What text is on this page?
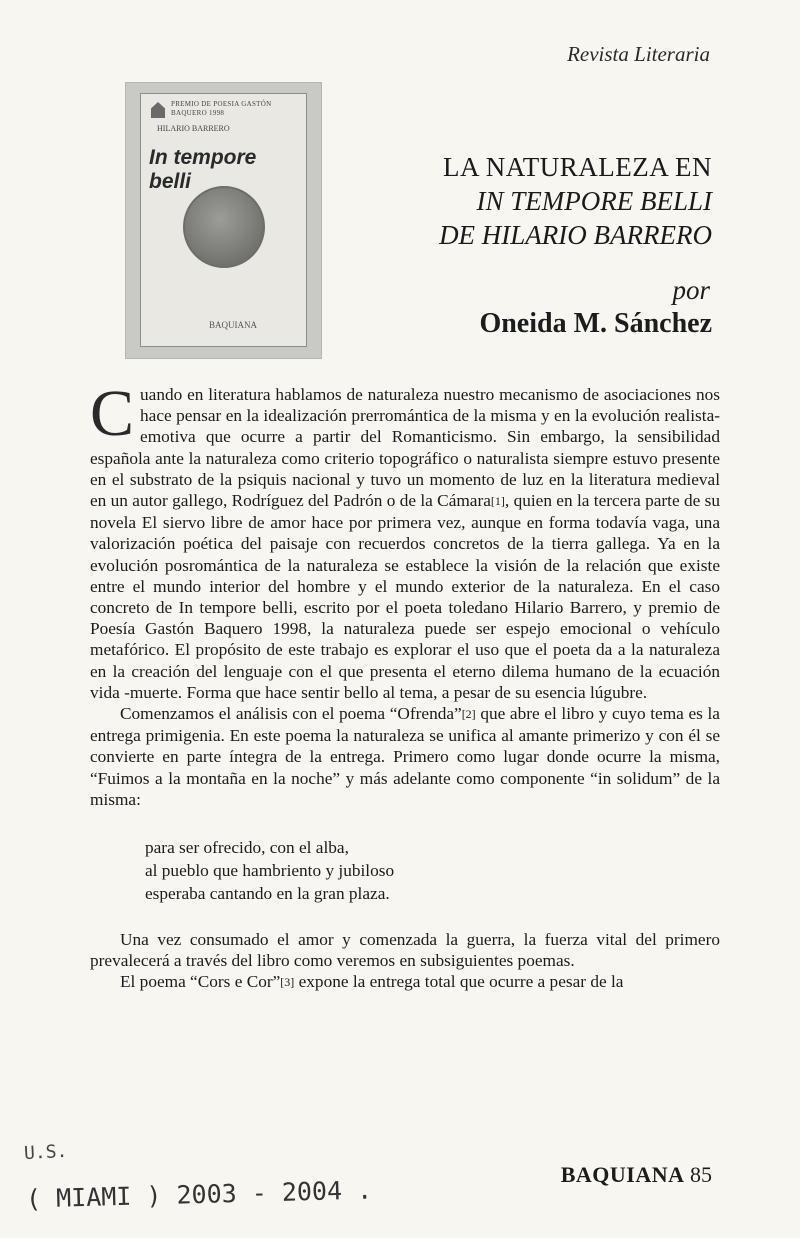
Revista Literaria
PREMIO DE POESIA GASTÓN BAQUERO 1998
HILARIO BARRERO
In tempore belli
BAQUIANA
LA NATURALEZA EN
IN TEMPORE BELLI
DE HILARIO BARRERO
por
Oneida M. Sánchez

Cuando en literatura hablamos de naturaleza nuestro mecanismo de asociaciones nos hace pensar en la idealización prerromántica de la misma y en la evolución realista-emotiva que ocurre a partir del Romanticismo. Sin embargo, la sensibilidad española ante la naturaleza como criterio topográfico o naturalista siempre estuvo presente en el substrato de la psiquis nacional y tuvo un momento de luz en la literatura medieval en un autor gallego, Rodríguez del Padrón o de la Cámara[1], quien en la tercera parte de su novela El siervo libre de amor hace por primera vez, aunque en forma todavía vaga, una valorización poética del paisaje con recuerdos concretos de la tierra gallega. Ya en la evolución posromántica de la naturaleza se establece la visión de la relación que existe entre el mundo interior del hombre y el mundo exterior de la naturaleza. En el caso concreto de In tempore belli, escrito por el poeta toledano Hilario Barrero, y premio de Poesía Gastón Baquero 1998, la naturaleza puede ser espejo emocional o vehículo metafórico. El propósito de este trabajo es explorar el uso que el poeta da a la naturaleza en la creación del lenguaje con el que presenta el eterno dilema humano de la ecuación vida -muerte. Forma que hace sentir bello al tema, a pesar de su esencia lúgubre.

Comenzamos el análisis con el poema “Ofrenda”[2] que abre el libro y cuyo tema es la entrega primigenia. En este poema la naturaleza se unifica al amante primerizo y con él se convierte en parte íntegra de la entrega. Primero como lugar donde ocurre la misma, “Fuimos a la montaña en la noche” y más adelante como componente “in solidum” de la misma:

para ser ofrecido, con el alba,
al pueblo que hambriento y jubiloso
esperaba cantando en la gran plaza.

Una vez consumado el amor y comenzada la guerra, la fuerza vital del primero prevalecerá a través del libro como veremos en subsiguientes poemas.

El poema “Cors e Cor”[3] expone la entrega total que ocurre a pesar de la

BAQUIANA 85
U.S.
( MIAMI ) 2003 - 2004 .
